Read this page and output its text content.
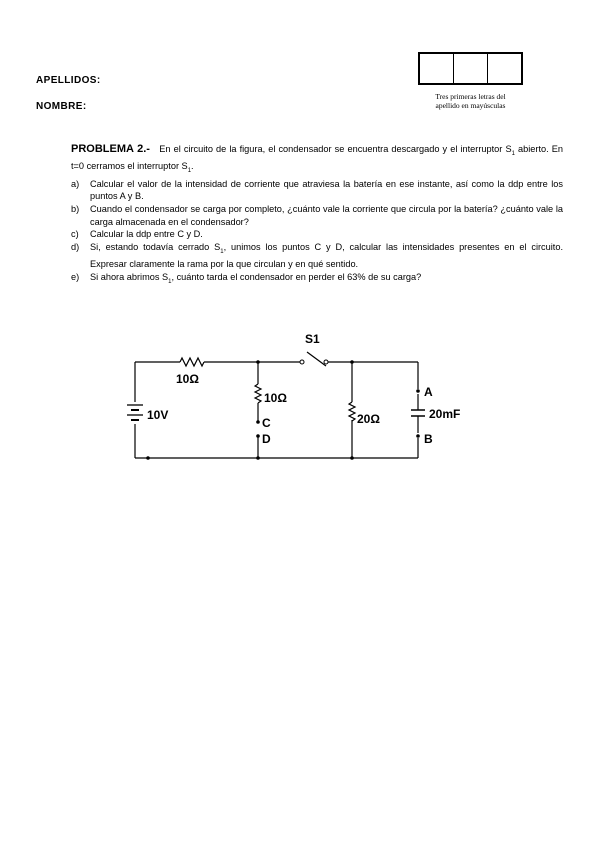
APELLIDOS:
NOMBRE:
Tres primeras letras del
apellido en mayúsculas

PROBLEMA 2.- En el circuito de la figura, el condensador se encuentra descargado y el interruptor $S_1$ abierto. En t=0 cerramos el interruptor $S_1$.

a) Calcular el valor de la intensidad de corriente que atraviesa la batería en ese instante, así como la ddp entre los puntos A y B.
b) Cuando el condensador se carga por completo, ¿cuánto vale la corriente que circula por la batería? ¿cuánto vale la carga almacenada en el condensador?
c) Calcular la ddp entre C y D.
d) Si, estando todavía cerrado $S_1$, unimos los puntos C y D, calcular las intensidades presentes en el circuito. Expresar claramente la rama por la que circulan y en qué sentido.
e) Si ahora abrimos $S_1$, cuánto tarda el condensador en perder el 63% de su carga?
S1
10Ω
10Ω
20Ω
10V	20mF
A
B
C
D
